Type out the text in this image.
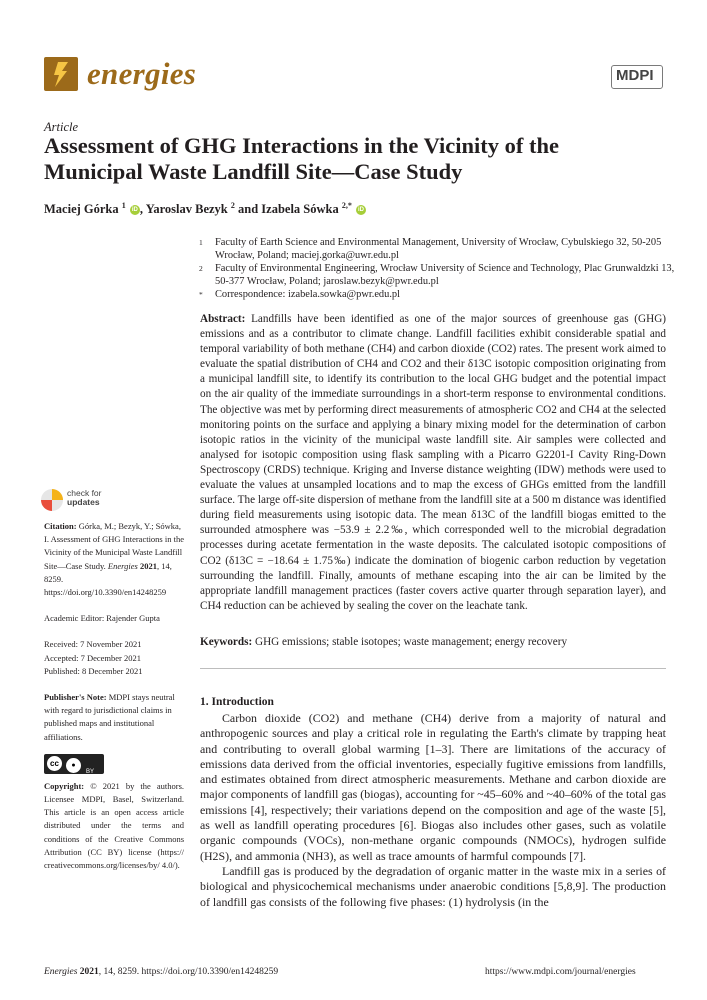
energies	MDPI
Article
Assessment of GHG Interactions in the Vicinity of the Municipal Waste Landfill Site—Case Study
Maciej Górka $^1$ iD , Yaroslav Bezyk $^2$ and Izabela Sówka $^{2,*}$ iD
1 Faculty of Earth Science and Environmental Management, University of Wrocław, Cybulskiego 32, 50-205 Wrocław, Poland; maciej.gorka@uwr.edu.pl
2 Faculty of Environmental Engineering, Wrocław University of Science and Technology, Plac Grunwaldzki 13, 50-377 Wrocław, Poland; jaroslaw.bezyk@pwr.edu.pl
* Correspondence: izabela.sowka@pwr.edu.pl
Abstract: Landfills have been identified as one of the major sources of greenhouse gas (GHG) emissions and as a contributor to climate change. Landfill facilities exhibit considerable spatial and temporal variability of both methane (CH4) and carbon dioxide (CO2) rates. The present work aimed to evaluate the spatial distribution of CH4 and CO2 and their δ13C isotopic composition originating from a municipal landfill site, to identify its contribution to the local GHG budget and the potential impact on the air quality of the immediate surroundings in a short-term response to environmental conditions. The objective was met by performing direct measurements of atmospheric CO2 and CH4 at the selected monitoring points on the surface and applying a binary mixing model for the determination of carbon isotopic ratios in the vicinity of the municipal waste landfill site. Air samples were collected and analysed for isotopic composition using flask sampling with a Picarro G2201-I Cavity Ring-Down Spectroscopy (CRDS) technique. Kriging and Inverse distance weighting (IDW) methods were used to evaluate the values at unsampled locations and to map the excess of GHGs emitted from the landfill surface. The large off-site dispersion of methane from the landfill site at a 500 m distance was identified during field measurements using isotopic data. The mean δ13C of the landfill biogas emitted to the surrounded atmosphere was −53.9 ± 2.2‰, which corresponded well to the microbial degradation processes during acetate fermentation in the waste deposits. The calculated isotopic compositions of CO2 (δ13C = −18.64 ± 1.75‰) indicate the domination of biogenic carbon reduction by vegetation surrounding the landfill. Finally, amounts of methane escaping into the air can be limited by the appropriate landfill management practices (faster covers active quarter through separation layer), and CH4 reduction can be achieved by sealing the cover on the leachate tank.
Keywords: GHG emissions; stable isotopes; waste management; energy recovery
check for
updates

Citation: Górka, M.; Bezyk, Y.; Sówka, I. Assessment of GHG Interactions in the Vicinity of the Municipal Waste Landfill Site—Case Study. Energies 2021, 14, 8259. https://doi.org/10.3390/en14248259

Academic Editor: Rajender Gupta

Received: 7 November 2021

Accepted: 7 December 2021

Published: 8 December 2021

Publisher's Note: MDPI stays neutral with regard to jurisdictional claims in published maps and institutional affiliations.

cc	●
BY

Copyright: © 2021 by the authors. Licensee MDPI, Basel, Switzerland. This article is an open access article distributed under the terms and conditions of the Creative Commons Attribution (CC BY) license (https:// creativecommons.org/licenses/by/ 4.0/).

1. Introduction

Carbon dioxide (CO2) and methane (CH4) derive from a majority of natural and anthropogenic sources and play a critical role in regulating the Earth's climate by trapping heat and contributing to overall global warming [1–3]. There are limitations of the accuracy of emissions data derived from the official inventories, especially fugitive emissions from landfills, and estimates obtained from direct atmospheric measurements. Methane and carbon dioxide are major components of landfill gas (biogas), accounting for ~45–60% and ~40–60% of the total gas emissions [4], respectively; their variations depend on the composition and age of the waste [5], as well as landfill operating procedures [6]. Biogas also includes other gases, such as volatile organic compounds (VOCs), non-methane organic compounds (NMOCs), hydrogen sulfide (H2S), and ammonia (NH3), as well as trace amounts of harmful compounds [7].

Landfill gas is produced by the degradation of organic matter in the waste mix in a series of biological and physicochemical mechanisms under anaerobic conditions [5,8,9]. The production of landfill gas consists of the following five phases: (1) hydrolysis (in the

Energies 2021, 14, 8259. https://doi.org/10.3390/en14248259	https://www.mdpi.com/journal/energies
